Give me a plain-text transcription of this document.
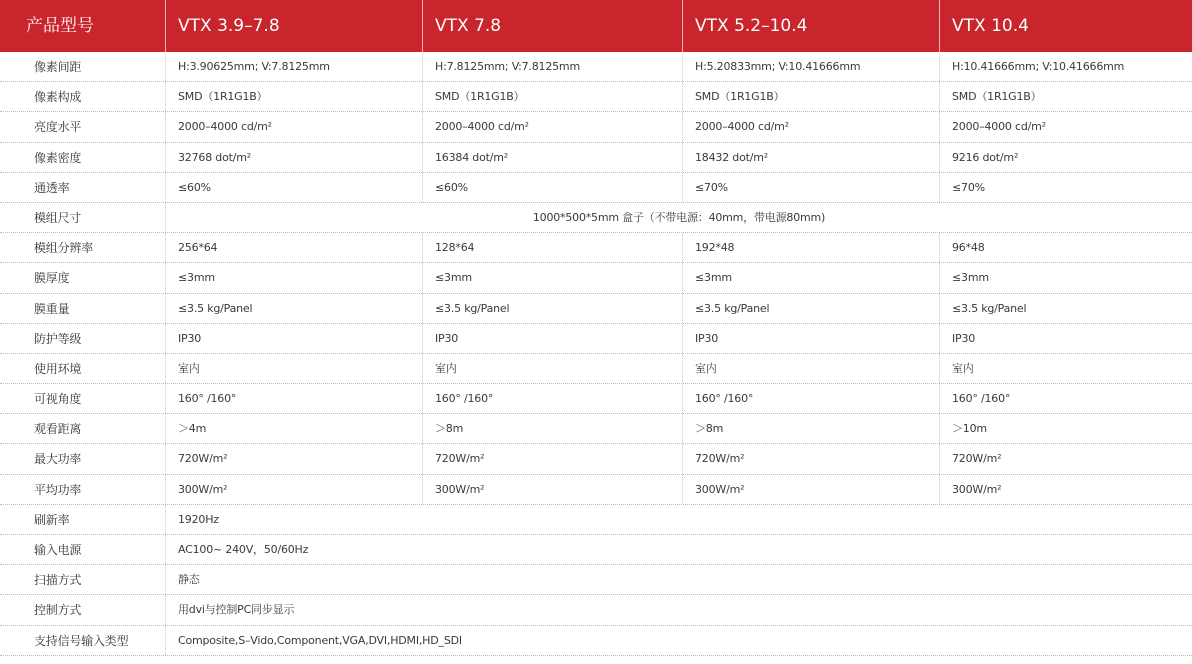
产品型号	VTX 3.9–7.8	VTX 7.8	VTX 5.2–10.4	VTX 10.4
像素间距	H:3.90625mm; V:7.8125mm	H:7.8125mm; V:7.8125mm	H:5.20833mm; V:10.41666mm	H:10.41666mm; V:10.41666mm
像素构成	SMD（1R1G1B）	SMD（1R1G1B）	SMD（1R1G1B）	SMD（1R1G1B）
亮度水平	2000–4000 cd/m²	2000–4000 cd/m²	2000–4000 cd/m²	2000–4000 cd/m²
像素密度	32768 dot/m²	16384 dot/m²	18432 dot/m²	9216 dot/m²
通透率	≤60%	≤60%	≤70%	≤70%
模组尺寸	1000*500*5mm 盒子（不带电源：40mm，带电源80mm)
模组分辨率	256*64	128*64	192*48	96*48
膜厚度	≤3mm	≤3mm	≤3mm	≤3mm
膜重量	≤3.5 kg/Panel	≤3.5 kg/Panel	≤3.5 kg/Panel	≤3.5 kg/Panel
防护等级	IP30	IP30	IP30	IP30
使用环境	室内	室内	室内	室内
可视角度	160° /160°	160° /160°	160° /160°	160° /160°
观看距离	＞4m	＞8m	＞8m	＞10m
最大功率	720W/m²	720W/m²	720W/m²	720W/m²
平均功率	300W/m²	300W/m²	300W/m²	300W/m²
刷新率	1920Hz
输入电源	AC100~ 240V，50/60Hz
扫描方式	静态
控制方式	用dvi与控制PC同步显示
支持信号输入类型	Composite,S–Vido,Component,VGA,DVI,HDMI,HD_SDI
